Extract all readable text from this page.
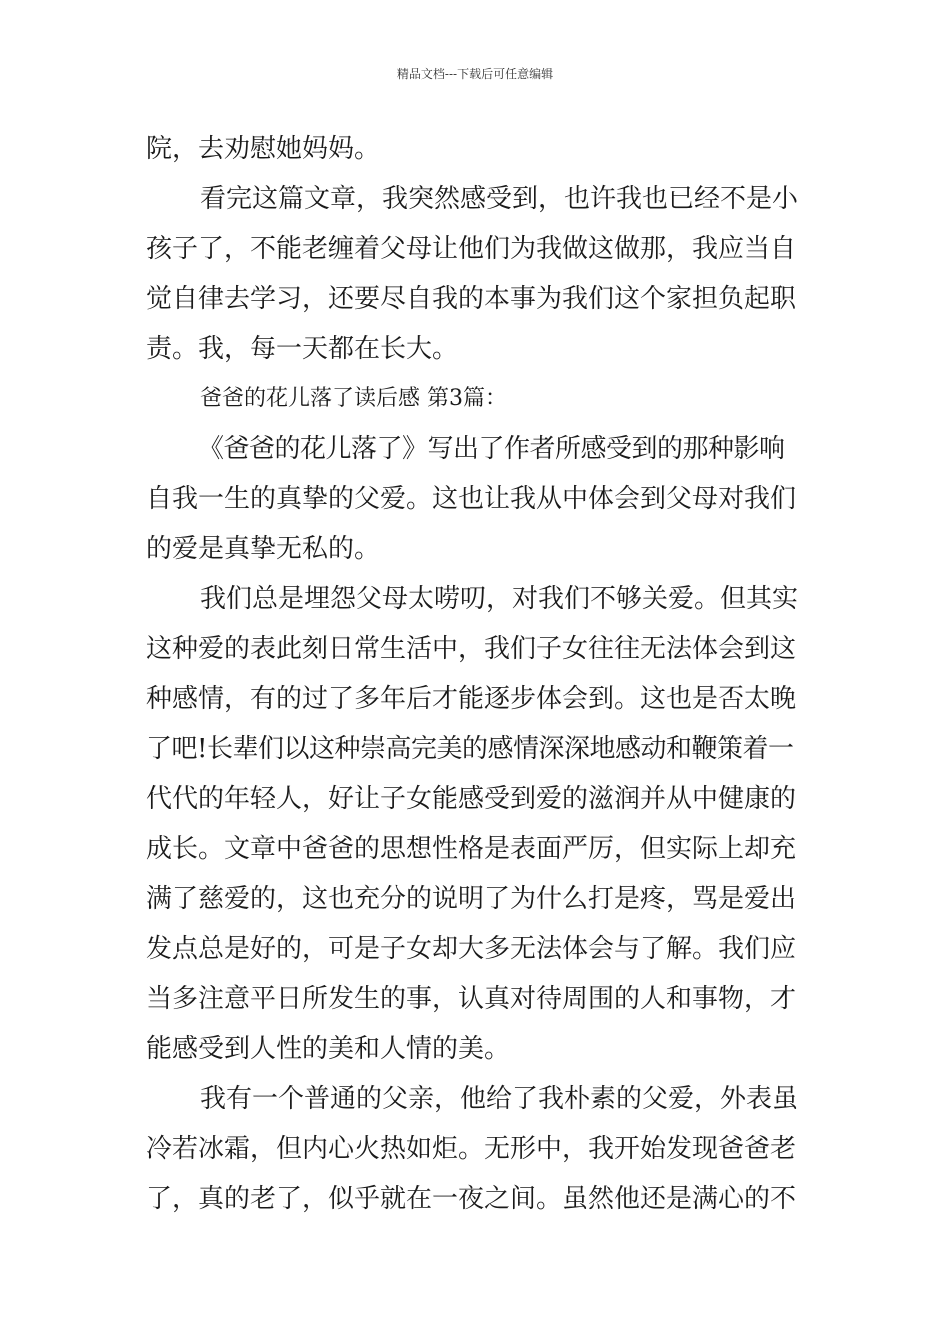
精品文档---下载后可任意编辑
院，去劝慰她妈妈。
看完这篇文章，我突然感受到，也许我也已经不是小
孩子了，不能老缠着父母让他们为我做这做那，我应当自
觉自律去学习，还要尽自我的本事为我们这个家担负起职
责。我，每一天都在长大。
爸爸的花儿落了读后感 第3篇：
《爸爸的花儿落了》写出了作者所感受到的那种影响
自我一生的真挚的父爱。这也让我从中体会到父母对我们
的爱是真挚无私的。
我们总是埋怨父母太唠叨，对我们不够关爱。但其实
这种爱的表此刻日常生活中，我们子女往往无法体会到这
种感情，有的过了多年后才能逐步体会到。这也是否太晚
了吧!长辈们以这种崇高完美的感情深深地感动和鞭策着一
代代的年轻人，好让子女能感受到爱的滋润并从中健康的
成长。文章中爸爸的思想性格是表面严厉，但实际上却充
满了慈爱的，这也充分的说明了为什么打是疼，骂是爱出
发点总是好的，可是子女却大多无法体会与了解。我们应
当多注意平日所发生的事，认真对待周围的人和事物，才
能感受到人性的美和人情的美。
我有一个普通的父亲，他给了我朴素的父爱，外表虽
冷若冰霜，但内心火热如炬。无形中，我开始发现爸爸老
了，真的老了，似乎就在一夜之间。虽然他还是满心的不
